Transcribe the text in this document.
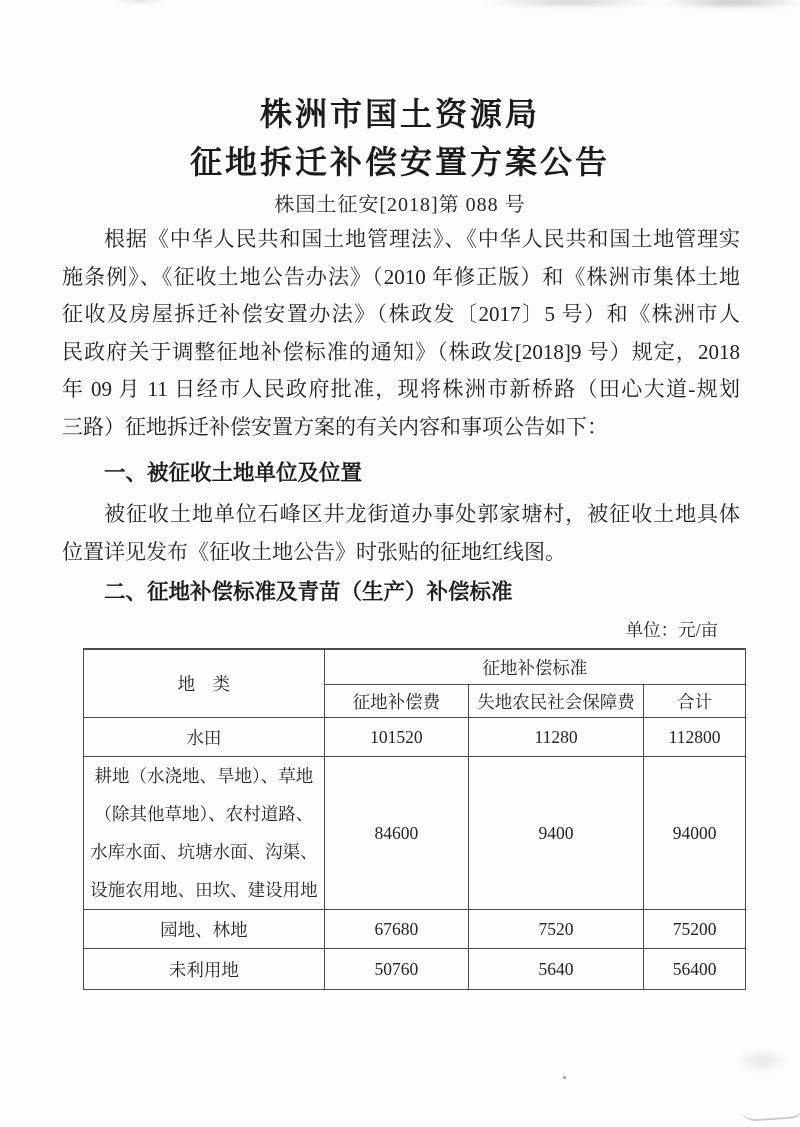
株洲市国土资源局
征地拆迁补偿安置方案公告
株国土征安[2018]第 088 号
根据《中华人民共和国土地管理法》、《中华人民共和国土地管理实
施条例》、《征收土地公告办法》（2010 年修正版）和《株洲市集体土地
征收及房屋拆迁补偿安置办法》（株政发〔2017〕5 号）和《株洲市人
民政府关于调整征地补偿标准的通知》（株政发[2018]9 号）规定，2018
年 09 月 11 日经市人民政府批准，现将株洲市新桥路（田心大道-规划
三路）征地拆迁补偿安置方案的有关内容和事项公告如下：
一、被征收土地单位及位置
被征收土地单位石峰区井龙街道办事处郭家塘村，被征收土地具体
位置详见发布《征收土地公告》时张贴的征地红线图。
二、征地补偿标准及青苗（生产）补偿标准
单位：元/亩
地　类	征地补偿标准		
	征地补偿费	失地农民社会保障费	合计
水田	101520	11280	112800
耕地（水浇地、旱地）、草地（除其他草地）、农村道路、水库水面、坑塘水面、沟渠、设施农用地、田坎、建设用地	84600	9400	94000
园地、林地	67680	7520	75200
未利用地	50760	5640	56400
